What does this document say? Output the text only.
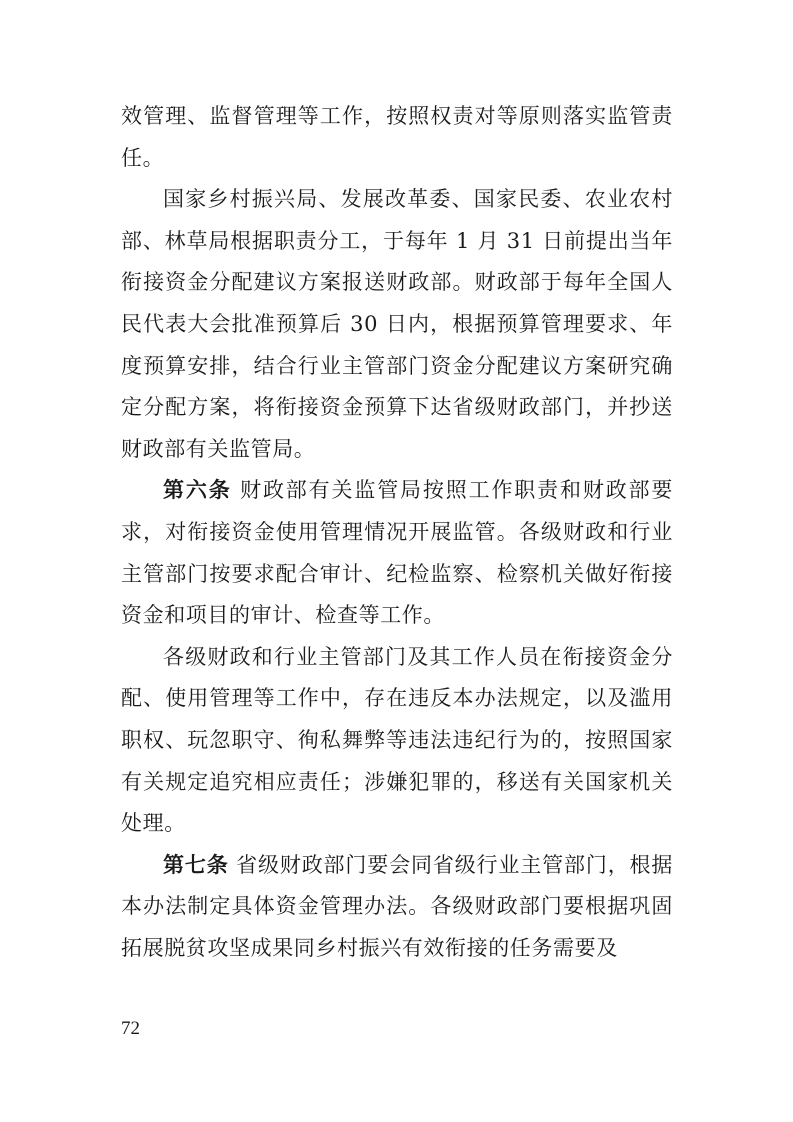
效管理、监督管理等工作，按照权责对等原则落实监管责任。

国家乡村振兴局、发展改革委、国家民委、农业农村部、林草局根据职责分工，于每年 1 月 31 日前提出当年衔接资金分配建议方案报送财政部。财政部于每年全国人民代表大会批准预算后 30 日内，根据预算管理要求、年度预算安排，结合行业主管部门资金分配建议方案研究确定分配方案，将衔接资金预算下达省级财政部门，并抄送财政部有关监管局。

第六条 财政部有关监管局按照工作职责和财政部要求，对衔接资金使用管理情况开展监管。各级财政和行业主管部门按要求配合审计、纪检监察、检察机关做好衔接资金和项目的审计、检查等工作。

各级财政和行业主管部门及其工作人员在衔接资金分配、使用管理等工作中，存在违反本办法规定，以及滥用职权、玩忽职守、徇私舞弊等违法违纪行为的，按照国家有关规定追究相应责任；涉嫌犯罪的，移送有关国家机关处理。

第七条 省级财政部门要会同省级行业主管部门，根据本办法制定具体资金管理办法。各级财政部门要根据巩固拓展脱贫攻坚成果同乡村振兴有效衔接的任务需要及

72
